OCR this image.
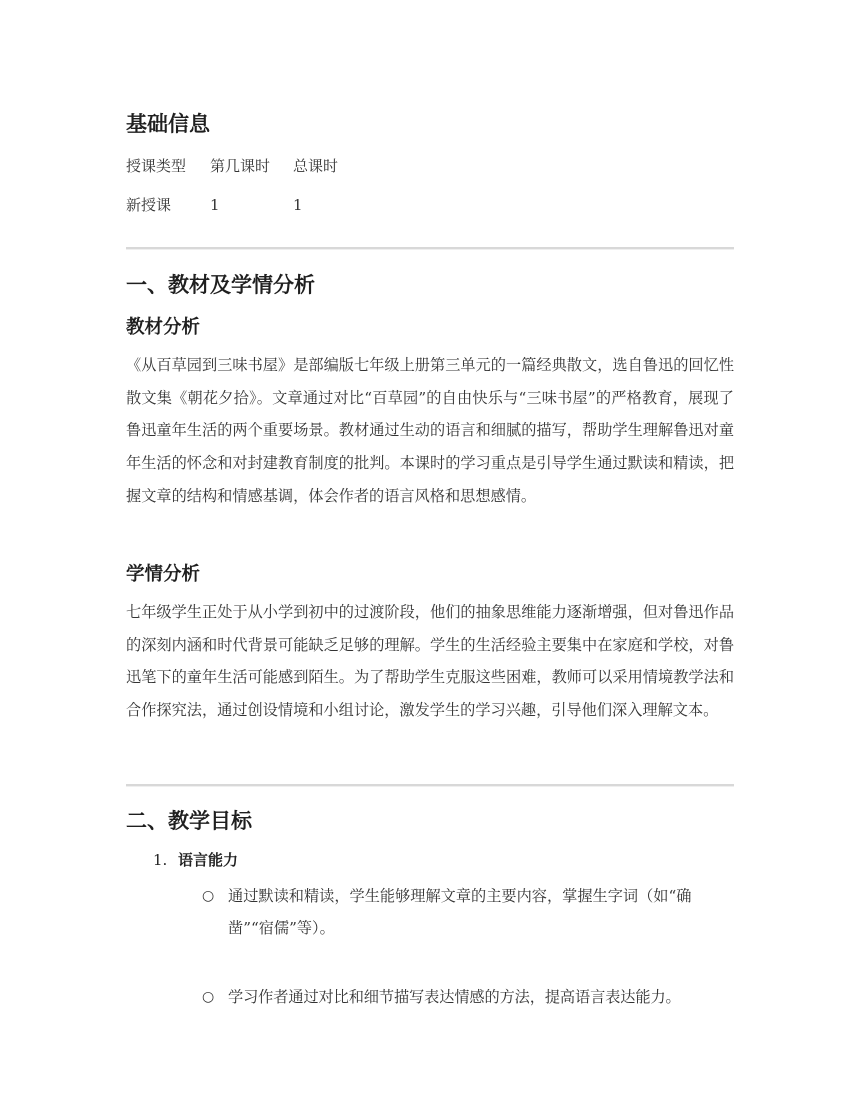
基础信息
授课类型 第几课时 总课时
新授课	1	1
一、教材及学情分析
教材分析

《从百草园到三味书屋》是部编版七年级上册第三单元的一篇经典散文，选自鲁迅的回忆性散文集《朝花夕拾》。文章通过对比“百草园”的自由快乐与“三味书屋”的严格教育，展现了鲁迅童年生活的两个重要场景。教材通过生动的语言和细腻的描写，帮助学生理解鲁迅对童年生活的怀念和对封建教育制度的批判。本课时的学习重点是引导学生通过默读和精读，把握文章的结构和情感基调，体会作者的语言风格和思想感情。

学情分析

七年级学生正处于从小学到初中的过渡阶段，他们的抽象思维能力逐渐增强，但对鲁迅作品的深刻内涵和时代背景可能缺乏足够的理解。学生的生活经验主要集中在家庭和学校，对鲁迅笔下的童年生活可能感到陌生。为了帮助学生克服这些困难，教师可以采用情境教学法和合作探究法，通过创设情境和小组讨论，激发学生的学习兴趣，引导他们深入理解文本。

二、教学目标
1. 语言能力
○ 通过默读和精读，学生能够理解文章的主要内容，掌握生字词（如“确凿”“宿儒”等）。
○ 学习作者通过对比和细节描写表达情感的方法，提高语言表达能力。
